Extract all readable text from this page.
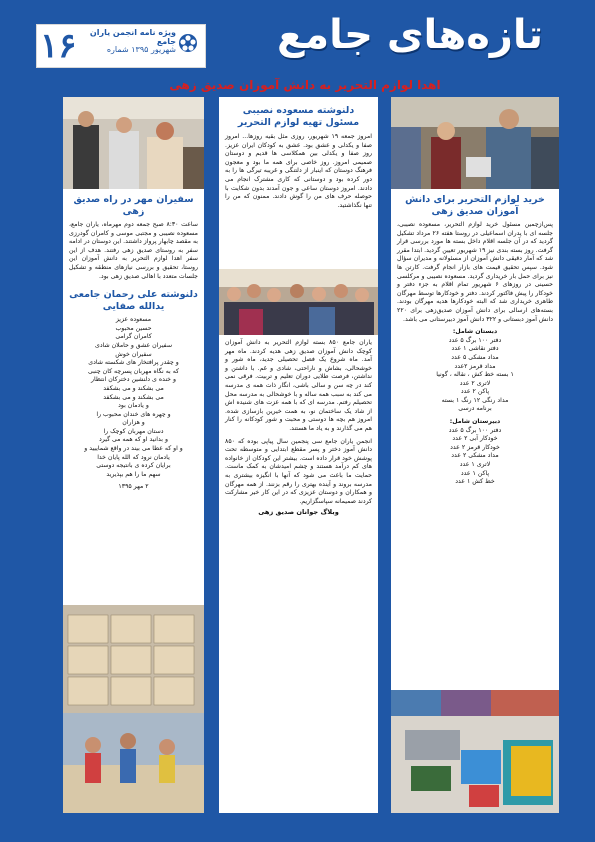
۱۶	ویژه نامه انجمن یاران جامع
شهریور ۱۳۹۵ شماره	تازه‌های جامع
اهدا لوازم التحریر به دانش آموزان صدیق زهی
خرید لوازم التحریر برای دانش آموزان صدیق زهی
پس‌ازچمین مسئول خرید لوازم التحریر، مسعوده نصیبی، جلسه ای با پدران اسماعیلی در روستا هفته ۲۶ مرداد تشکیل گردید که در آن جلسه اقلام داخل بسته ها مورد بررسی قرار گرفت. روز بسته بندی نیز ۱۹ شهریور تعیین گردید. ابتدا مقرر شد که آمار دقیقی دانش آموزان از مسئولانه و مدیران سؤال شود. سپس تحقیق قیمت های بازار انجام گرفت. کارتن ها نیز برای حمل بار خریداری گردید. مسعوده نصیبی و مرکلسی حسینی در روزهای ۶ شهریور تمام اقلام به جزء دفتر و خودکار را پیش فاکتور کردند. دفتر و خودکارها توسط مهرگان طاهری خریداری شد که البته خودکارها هدیه مهرگان بودند. بسته‌های ارسالی برای دانش آموزان صدیق‌زهی برای ۲۲۰ دانش آموز دبستانی و ۳۲۲ دانش آموز دبیرستانی می باشد.
دبستان شامل:
دفتر ۱۰۰ برگ ۵ عدد
دفتر نقاشی ۱ عدد
مداد مشکی ۵ عدد
مداد قرمز ۲عدد
۱ بسته خط کش ، نقاله ، گونیا
لاتری ۲ عدد
پاکن ۲ عدد
مداد رنگی ۱۲ رنگ ۱ بسته
برنامه درسی
دبیرستان شامل:
دفتر ۱۰۰ برگ ۵ عدد
خودکار آبی ۲ عدد
خودکار قرمز ۲ عدد
مداد مشکی ۲ عدد
لاتری ۱ عدد
پاکن ۱ عدد
خط کش ۱ عدد
دلنوشته مسعوده نصیبی
مسئول تهیه لوازم التحریر
امروز جمعه ۱۹ شهریور، روزی مثل بقیه روزها... امروز صفا و یکدلی و عشق بود. عشق به کودکان ایران عزیز. روز صفا و یکدلی بین همکلاسی ها قدیم و دوستان صمیمی امروز. روز خاصی برای همه ما بود و معجون فرهنگ دوستان که اینبار از دلتنگی و غریبه تیرگی ها را به دور کرده بود و دوستانی که کاری مشترک انجام می دادند. امروز دوستان ساعی و جون آمدند بدون شکایت با حوصله حرف های من را گوش دادند. ممنون که من را تنها نگذاشتید.
یاران جامع ۸۵۰ بسته لوازم التحریر به دانش آموزان کوچک دانش آموزان صدیق زهی هدیه کردند. ماه مهر آمد. ماه شروع یک فصل تحصیلی جدید، ماه شور و خوشحالی، بشاش و ناراحتی، شادی و غم. با داشتن و نداشتن، فرصت طلایی دوران تعلیم و تربیت. فرقی نمی کند در چه سن و سالی باشی، انگار ذات همه ی مدرسه می کند به سبب همه ساله و با خوشحالی به مدرسه محل تحصیلم رفتم. مدرسه ای که با همه عزت های شنیده اش از شاد یک ساختمان نو، به همت خیرین بازسازی شده. امروز هم بچه ها دوستی و محبت و شور کودکانه را کنار هم می گذارند و به یاد ما هستند.
انجمن یاران جامع سی پنجمین سال پیاپی بوده که ۸۵۰ دانش آموز دختر و پسر مقطع ابتدایی و متوسطه تحت پوشش خود قرار داده است. بیشتر این کودکان از خانواده های کم درآمد هستند و چشم امیدشان به کمک ماست. حمایت ما باعث می شود که آنها با انگیزه بیشتری به مدرسه بروند و آینده بهتری را رقم بزنند. از همه مهرگان و همکاران و دوستان عزیزی که در این کار خیر مشارکت کردند صمیمانه سپاسگزاریم.
وبلاگ جوانان صدیق زهی
سفیران مهر در راه صدیق زهی
ساعت ۸:۳۰ صبح جمعه دوم مهرماه، یاران جامع، مسعوده نصیبی و مجتبی موسی و کامران گودرزی به مقصد چابهار پرواز داشتند. این دوستان در ادامه سفر به روستای صدیق زهی رفتند. هدف از این سفر اهدا لوازم التحریر به دانش آموزان این روستا، تحقیق و بررسی نیازهای منطقه و تشکیل جلسات متعدد با اهالی صدیق زهی بود.
دلنوشته علی رحمان جامعی
یدالله صفایی
مسعوده عزیز
حسین محبوب
کامران گرامی
سفیران عشق و حاملان شادی
سفیران خوش
و چقدر پرافتخار های شکسته شادی
که به نگاه مهربان پسرچه کان چنبی
و خنده ی دلنشین دخترکان انتظار
می بشکند و می بشکفد
می بشکند و می بشکفد
و یادمان بود
و چهره های خندان محبوب را
و هزاران
دستان مهربان کوچک را
و بدانید او که همه می گیرد
و او که عطا می بیند در واقع شماییید و
یادمان نرود که الله پایان خدا
برایان کرده ی بانتیجه دوستی
سهم ما را هم بپذیرید
۲ مهر ۱۳۹۵
